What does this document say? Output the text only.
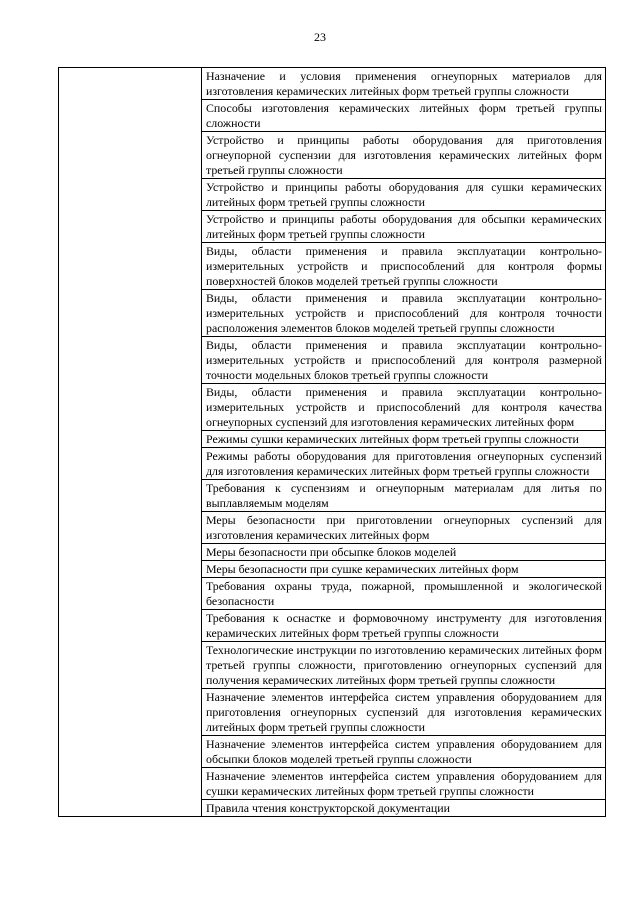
23

Назначение и условия применения огнеупорных материалов для изготовления керамических литейных форм третьей группы сложности

Способы изготовления керамических литейных форм третьей группы сложности

Устройство и принципы работы оборудования для приготовления огнеупорной суспензии для изготовления керамических литейных форм третьей группы сложности

Устройство и принципы работы оборудования для сушки керамических литейных форм третьей группы сложности

Устройство и принципы работы оборудования для обсыпки керамических литейных форм третьей группы сложности

Виды, области применения и правила эксплуатации контрольно-измерительных устройств и приспособлений для контроля формы поверхностей блоков моделей третьей группы сложности

Виды, области применения и правила эксплуатации контрольно-измерительных устройств и приспособлений для контроля точности расположения элементов блоков моделей третьей группы сложности

Виды, области применения и правила эксплуатации контрольно-измерительных устройств и приспособлений для контроля размерной точности модельных блоков третьей группы сложности

Виды, области применения и правила эксплуатации контрольно-измерительных устройств и приспособлений для контроля качества огнеупорных суспензий для изготовления керамических литейных форм

Режимы сушки керамических литейных форм третьей группы сложности

Режимы работы оборудования для приготовления огнеупорных суспензий для изготовления керамических литейных форм третьей группы сложности

Требования к суспензиям и огнеупорным материалам для литья по выплавляемым моделям

Меры безопасности при приготовлении огнеупорных суспензий для изготовления керамических литейных форм

Меры безопасности при обсыпке блоков моделей

Меры безопасности при сушке керамических литейных форм

Требования охраны труда, пожарной, промышленной и экологической безопасности

Требования к оснастке и формовочному инструменту для изготовления керамических литейных форм третьей группы сложности

Технологические инструкции по изготовлению керамических литейных форм третьей группы сложности, приготовлению огнеупорных суспензий для получения керамических литейных форм третьей группы сложности

Назначение элементов интерфейса систем управления оборудованием для приготовления огнеупорных суспензий для изготовления керамических литейных форм третьей группы сложности

Назначение элементов интерфейса систем управления оборудованием для обсыпки блоков моделей третьей группы сложности

Назначение элементов интерфейса систем управления оборудованием для сушки керамических литейных форм третьей группы сложности

Правила чтения конструкторской документации
